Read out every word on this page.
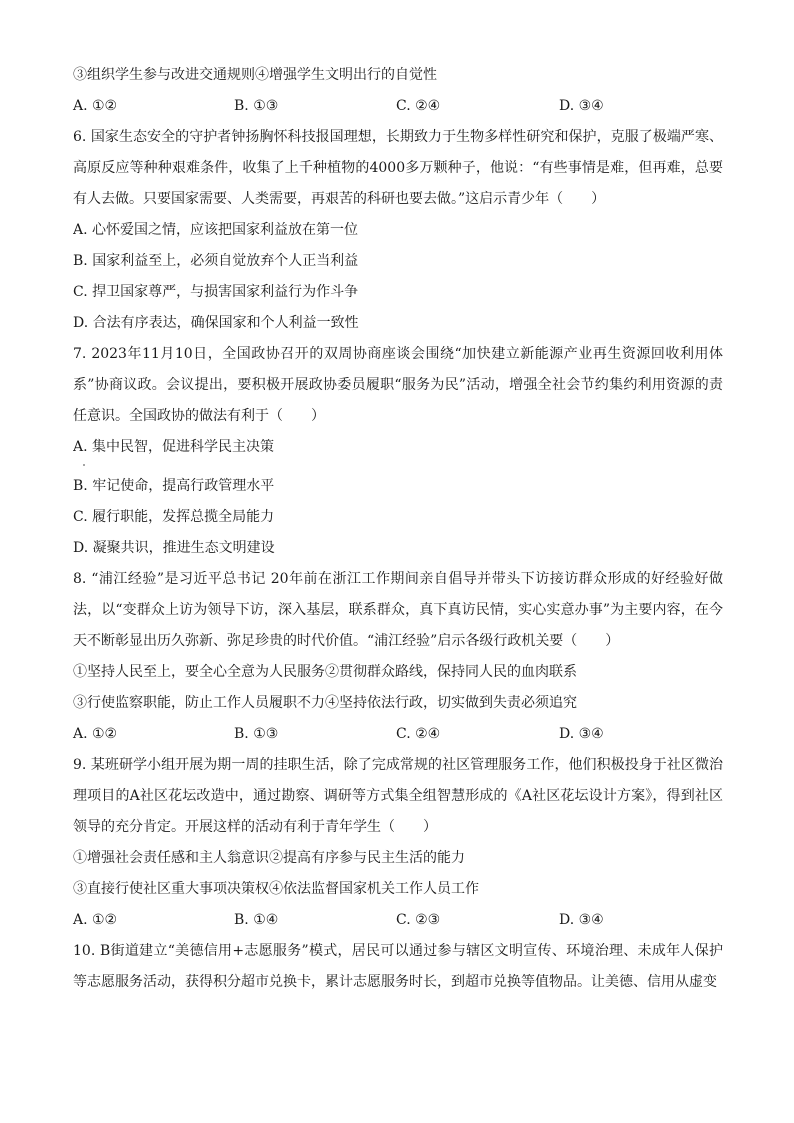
③组织学生参与改进交通规则④增强学生文明出行的自觉性
A. ①②	B. ①③	C. ②④	D. ③④
6. 国家生态安全的守护者钟扬胸怀科技报国理想，长期致力于生物多样性研究和保护，克服了极端严寒、高原反应等种种艰难条件，收集了上千种植物的4000多万颗种子，他说：“有些事情是难，但再难，总要有人去做。只要国家需要、人类需要，再艰苦的科研也要去做。”这启示青少年（　　）
A. 心怀爱国之情，应该把国家利益放在第一位
B. 国家利益至上，必须自觉放弃个人正当利益
C. 捍卫国家尊严，与损害国家利益行为作斗争
D. 合法有序表达，确保国家和个人利益一致性
7. 2023年11月10日，全国政协召开的双周协商座谈会围绕“加快建立新能源产业再生资源回收利用体系”协商议政。会议提出，要积极开展政协委员履职“服务为民”活动，增强全社会节约集约利用资源的责任意识。全国政协的做法有利于（　　）
A. 集中民智，促进科学民主决策
B. 牢记使命，提高行政管理水平
C. 履行职能，发挥总揽全局能力
D. 凝聚共识，推进生态文明建设
8. “浦江经验”是习近平总书记 20年前在浙江工作期间亲自倡导并带头下访接访群众形成的好经验好做法，以“变群众上访为领导下访，深入基层，联系群众，真下真访民情，实心实意办事”为主要内容，在今天不断彰显出历久弥新、弥足珍贵的时代价值。“浦江经验”启示各级行政机关要（　　）
①坚持人民至上，要全心全意为人民服务②贯彻群众路线，保持同人民的血肉联系
③行使监察职能，防止工作人员履职不力④坚持依法行政，切实做到失责必须追究
A. ①②	B. ①③	C. ②④	D. ③④
9. 某班研学小组开展为期一周的挂职生活，除了完成常规的社区管理服务工作，他们积极投身于社区微治理项目的A社区花坛改造中，通过勘察、调研等方式集全组智慧形成的《A社区花坛设计方案》，得到社区领导的充分肯定。开展这样的活动有利于青年学生（　　）
①增强社会责任感和主人翁意识②提高有序参与民主生活的能力
③直接行使社区重大事项决策权④依法监督国家机关工作人员工作
A. ①②	B. ①④	C. ②③	D. ③④
10. B街道建立“美德信用+志愿服务”模式，居民可以通过参与辖区文明宣传、环境治理、未成年人保护等志愿服务活动，获得积分超市兑换卡，累计志愿服务时长，到超市兑换等值物品。让美德、信用从虚变
